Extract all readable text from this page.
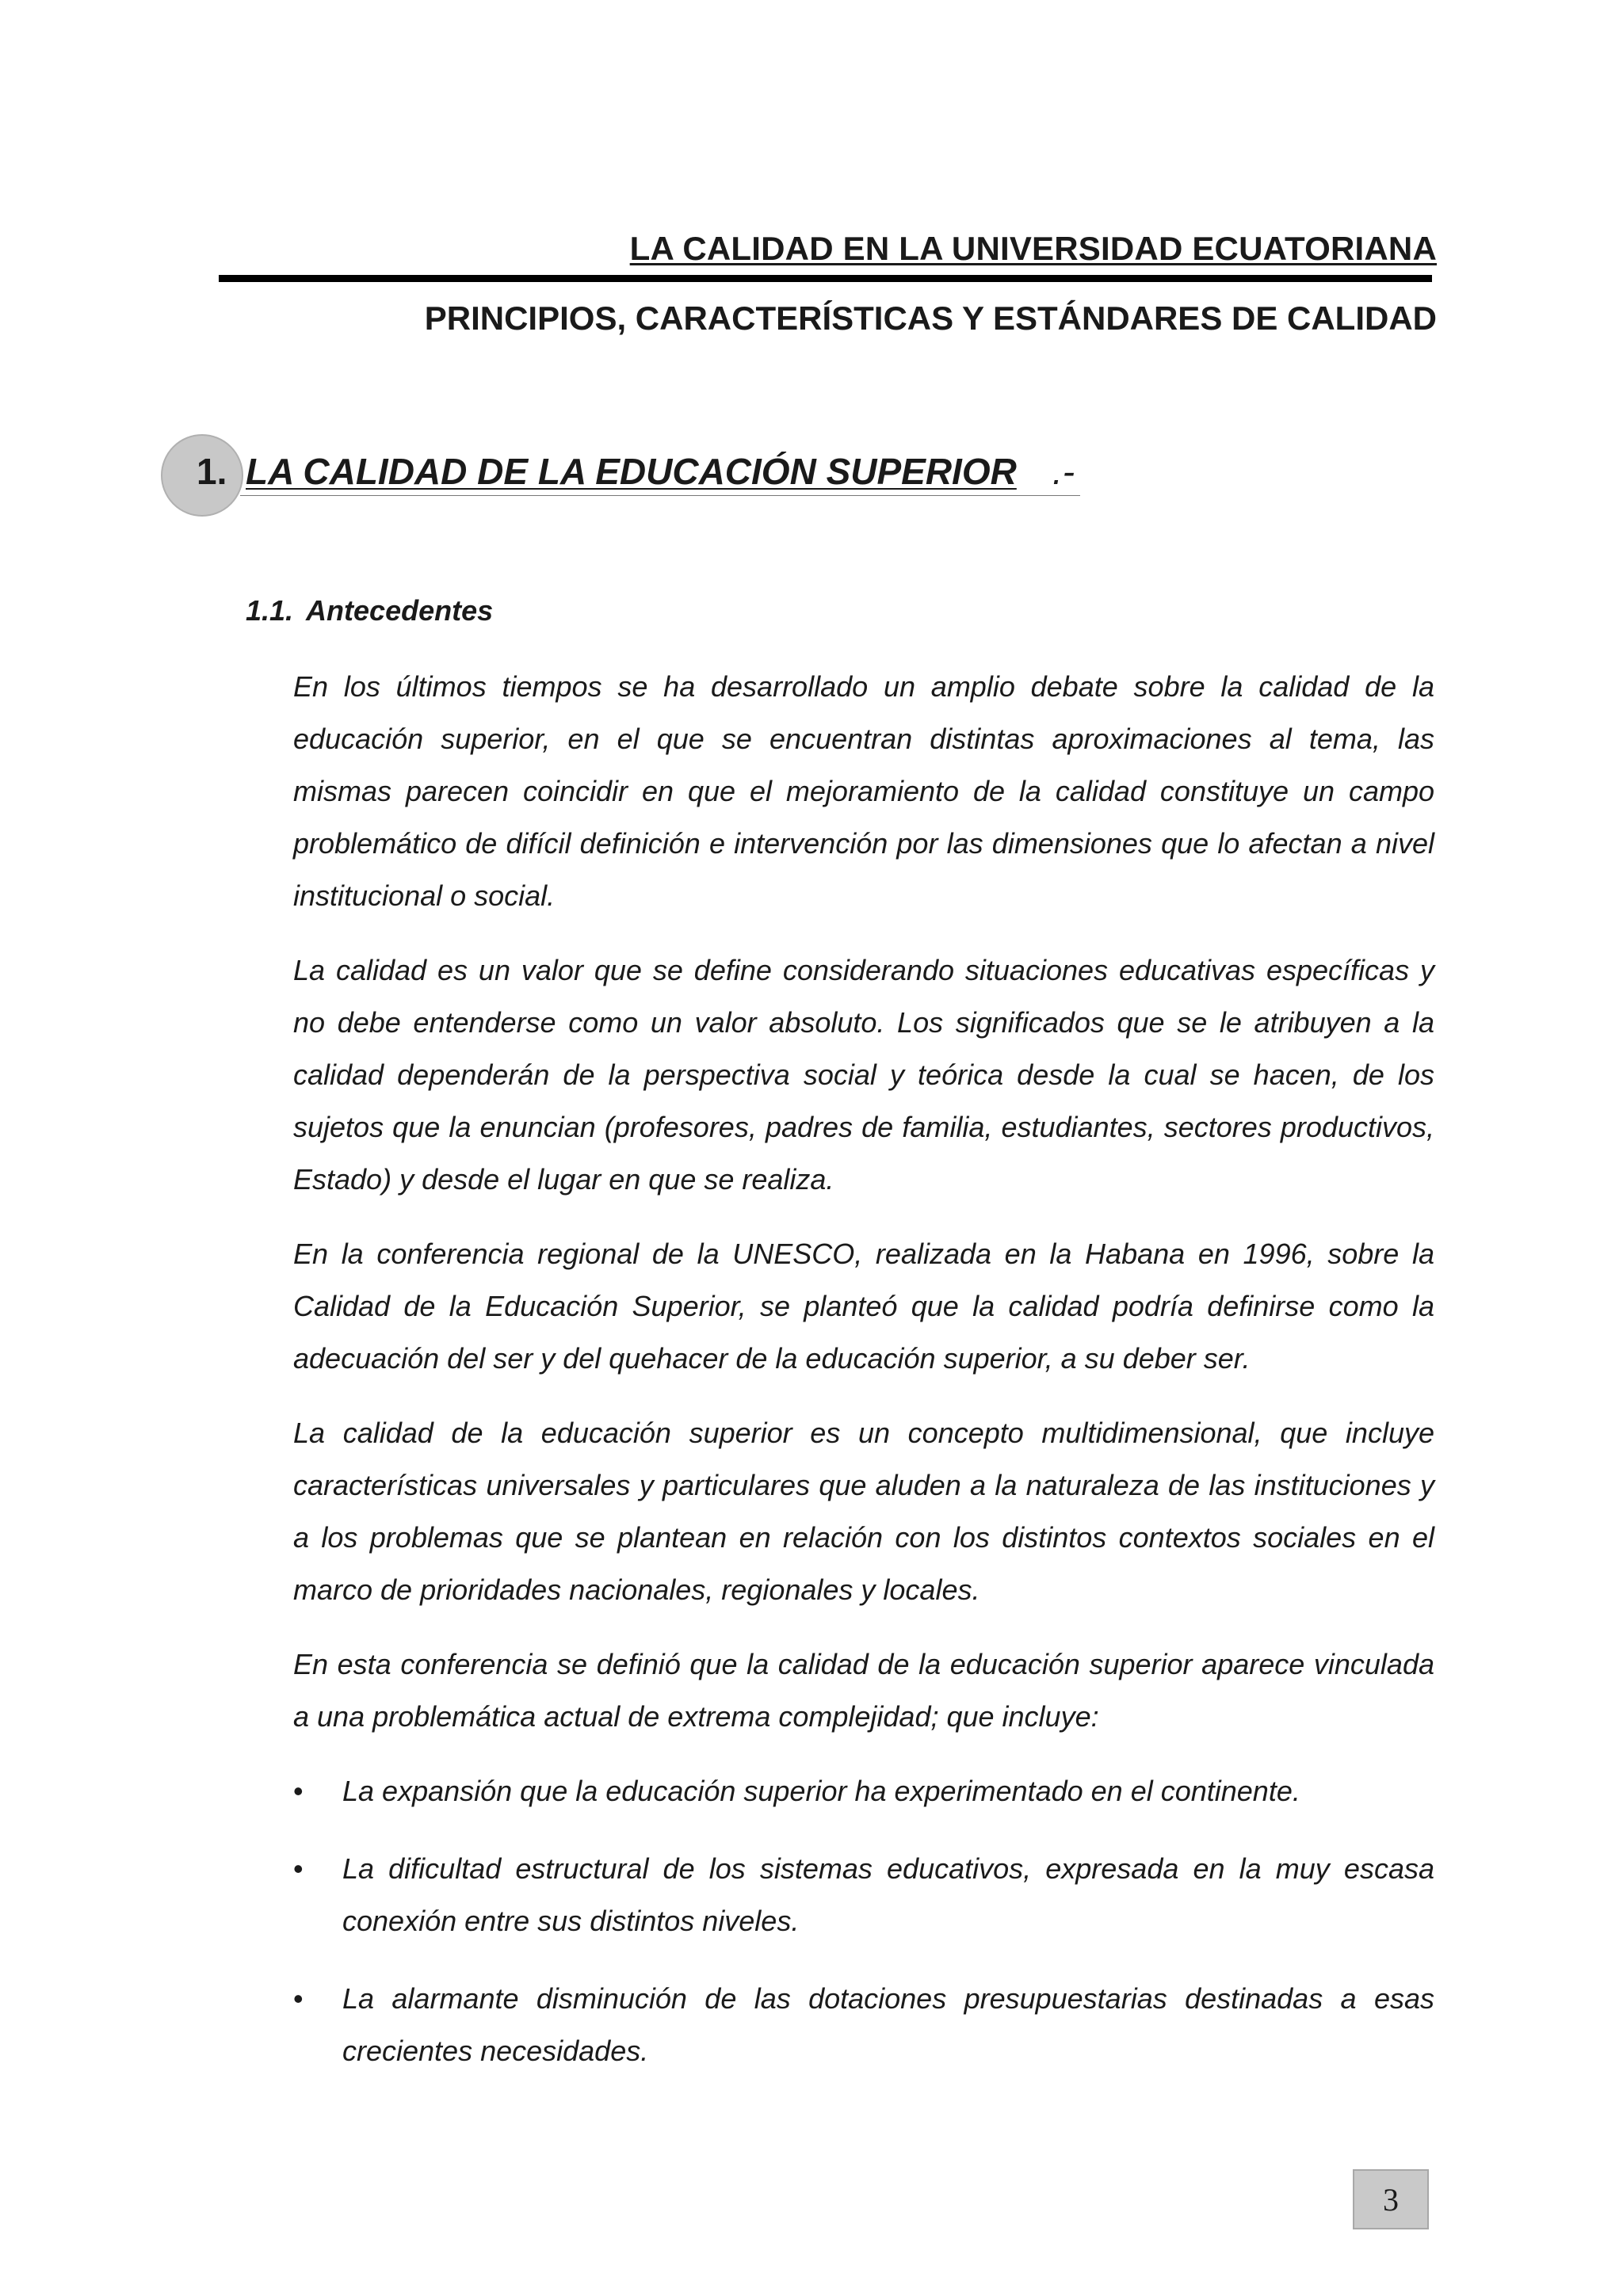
LA CALIDAD EN LA UNIVERSIDAD ECUATORIANA
PRINCIPIOS, CARACTERÍSTICAS Y ESTÁNDARES DE CALIDAD
1. LA CALIDAD DE LA EDUCACIÓN SUPERIOR .-
1.1. Antecedentes

En los últimos tiempos se ha desarrollado un amplio debate sobre la calidad de la educación superior, en el que se encuentran distintas aproximaciones al tema, las mismas parecen coincidir en que el mejoramiento de la calidad constituye un campo problemático de difícil definición e intervención por las dimensiones que lo afectan a nivel institucional o social.

La calidad es un valor que se define considerando situaciones educativas específicas y no debe entenderse como un valor absoluto. Los significados que se le atribuyen a la calidad dependerán de la perspectiva social y teórica desde la cual se hacen, de los sujetos que la enuncian (profesores, padres de familia, estudiantes, sectores productivos, Estado) y desde el lugar en que se realiza.

En la conferencia regional de la UNESCO, realizada en la Habana en 1996, sobre la Calidad de la Educación Superior, se planteó que la calidad podría definirse como la adecuación del ser y del quehacer de la educación superior, a su deber ser.

La calidad de la educación superior es un concepto multidimensional, que incluye características universales y particulares que aluden a la naturaleza de las instituciones y a los problemas que se plantean en relación con los distintos contextos sociales en el marco de prioridades nacionales, regionales y locales.

En esta conferencia se definió que la calidad de la educación superior aparece vinculada a una problemática actual de extrema complejidad; que incluye:

• La expansión que la educación superior ha experimentado en el continente.
• La dificultad estructural de los sistemas educativos, expresada en la muy escasa conexión entre sus distintos niveles.
• La alarmante disminución de las dotaciones presupuestarias destinadas a esas crecientes necesidades.
3
